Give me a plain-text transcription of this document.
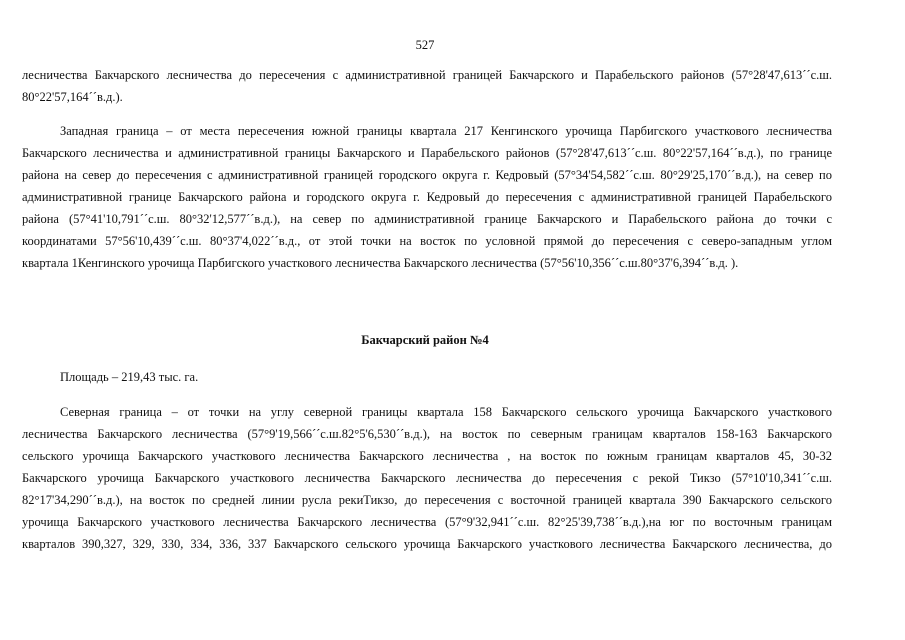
527
лесничества Бакчарского лесничества до пересечения с административной границей Бакчарского и Парабельского районов (57°28'47,613´´с.ш.
80°22'57,164´´в.д.).
Западная граница – от места пересечения южной границы квартала 217 Кенгинского урочища Парбигского участкового лесничества
Бакчарского лесничества и административной границы Бакчарского и Парабельского районов (57°28'47,613´´с.ш. 80°22'57,164´´в.д.), по границе
района на север до пересечения с административной границей городского округа г. Кедровый (57°34'54,582´´с.ш. 80°29'25,170´´в.д.), на север по
административной границе Бакчарского района и городского округа г. Кедровый до пересечения с административной границей Парабельского
района (57°41'10,791´´с.ш. 80°32'12,577´´в.д.), на север по административной границе Бакчарского и Парабельского района до точки с
координатами 57°56'10,439´´с.ш. 80°37'4,022´´в.д., от этой точки на восток по условной прямой до пересечения с северо-западным углом
квартала 1Кенгинского урочища Парбигского участкового лесничества Бакчарского лесничества (57°56'10,356´´с.ш.80°37'6,394´´в.д. ).
Бакчарский район №4
Площадь – 219,43 тыс. га.
Северная граница – от точки на углу северной границы квартала 158 Бакчарского сельского урочища Бакчарского участкового
лесничества Бакчарского лесничества (57°9'19,566´´с.ш.82°5'6,530´´в.д.), на восток по северным границам кварталов 158-163 Бакчарского
сельского урочища Бакчарского участкового лесничества Бакчарского лесничества , на восток по южным границам кварталов 45, 30-32
Бакчарского урочища Бакчарского участкового лесничества Бакчарского лесничества до пересечения с рекой Тикзо (57°10'10,341´´с.ш.
82°17'34,290´´в.д.), на восток по средней линии русла рекиТикзо, до пересечения с восточной границей квартала 390 Бакчарского сельского
урочища Бакчарского участкового лесничества Бакчарского лесничества (57°9'32,941´´с.ш. 82°25'39,738´´в.д.),на юг по восточным границам
кварталов 390,327, 329, 330, 334, 336, 337 Бакчарского сельского урочища Бакчарского участкового лесничества Бакчарского лесничества, до
